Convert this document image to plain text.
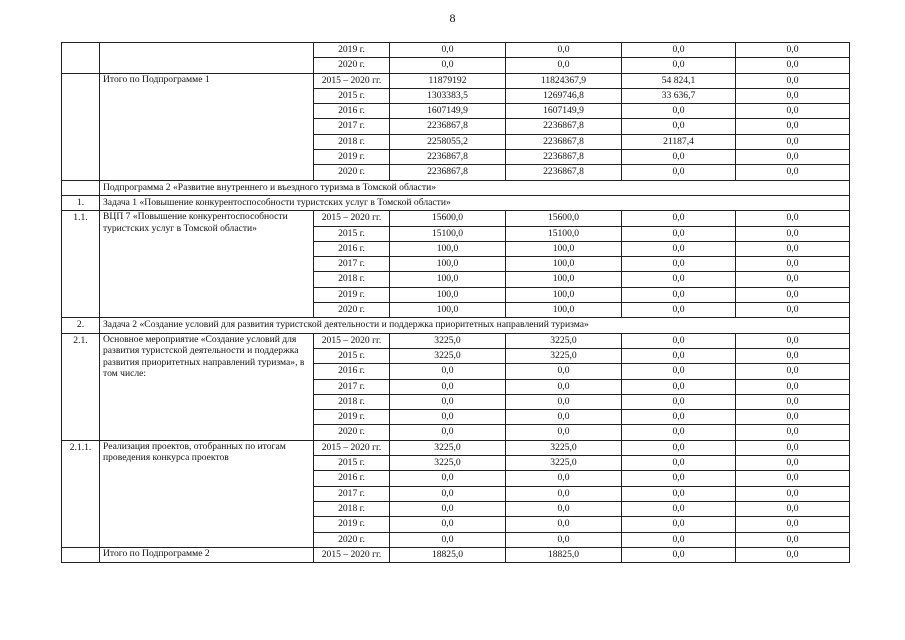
8
		2019 г.	0,0	0,0	0,0	0,0
		2020 г.	0,0	0,0	0,0	0,0
	Итого по Подпрограмме 1	2015 – 2020 гг.	11879192	11824367,9	54 824,1	0,0
		2015 г.	1303383,5	1269746,8	33 636,7	0,0
		2016 г.	1607149,9	1607149,9	0,0	0,0
		2017 г.	2236867,8	2236867,8	0,0	0,0
		2018 г.	2258055,2	2236867,8	21187,4	0,0
		2019 г.	2236867,8	2236867,8	0,0	0,0
		2020 г.	2236867,8	2236867,8	0,0	0,0
	Подпрограмма 2 «Развитие внутреннего и въездного туризма в Томской области»					
1.	Задача 1 «Повышение конкурентоспособности туристских услуг в Томской области»					
1.1.	ВЦП 7 «Повышение конкурентоспособности туристских услуг в Томской области»	2015 – 2020 гг.	15600,0	15600,0	0,0	0,0
		2015 г.	15100,0	15100,0	0,0	0,0
		2016 г.	100,0	100,0	0,0	0,0
		2017 г.	100,0	100,0	0,0	0,0
		2018 г.	100,0	100,0	0,0	0,0
		2019 г.	100,0	100,0	0,0	0,0
		2020 г.	100,0	100,0	0,0	0,0
2.	Задача 2 «Создание условий для развития туристской деятельности и поддержка приоритетных направлений туризма»					
2.1.	Основное мероприятие «Создание условий для развития туристской деятельности и поддержка развития приоритетных направлений туризма», в том числе:	2015 – 2020 гг.	3225,0	3225,0	0,0	0,0
		2015 г.	3225,0	3225,0	0,0	0,0
		2016 г.	0,0	0,0	0,0	0,0
		2017 г.	0,0	0,0	0,0	0,0
		2018 г.	0,0	0,0	0,0	0,0
		2019 г.	0,0	0,0	0,0	0,0
		2020 г.	0,0	0,0	0,0	0,0
2.1.1.	Реализация проектов, отобранных по итогам проведения конкурса проектов	2015 – 2020 гг.	3225,0	3225,0	0,0	0,0
		2015 г.	3225,0	3225,0	0,0	0,0
		2016 г.	0,0	0,0	0,0	0,0
		2017 г.	0,0	0,0	0,0	0,0
		2018 г.	0,0	0,0	0,0	0,0
		2019 г.	0,0	0,0	0,0	0,0
		2020 г.	0,0	0,0	0,0	0,0
	Итого по Подпрограмме 2	2015 – 2020 гг.	18825,0	18825,0	0,0	0,0
